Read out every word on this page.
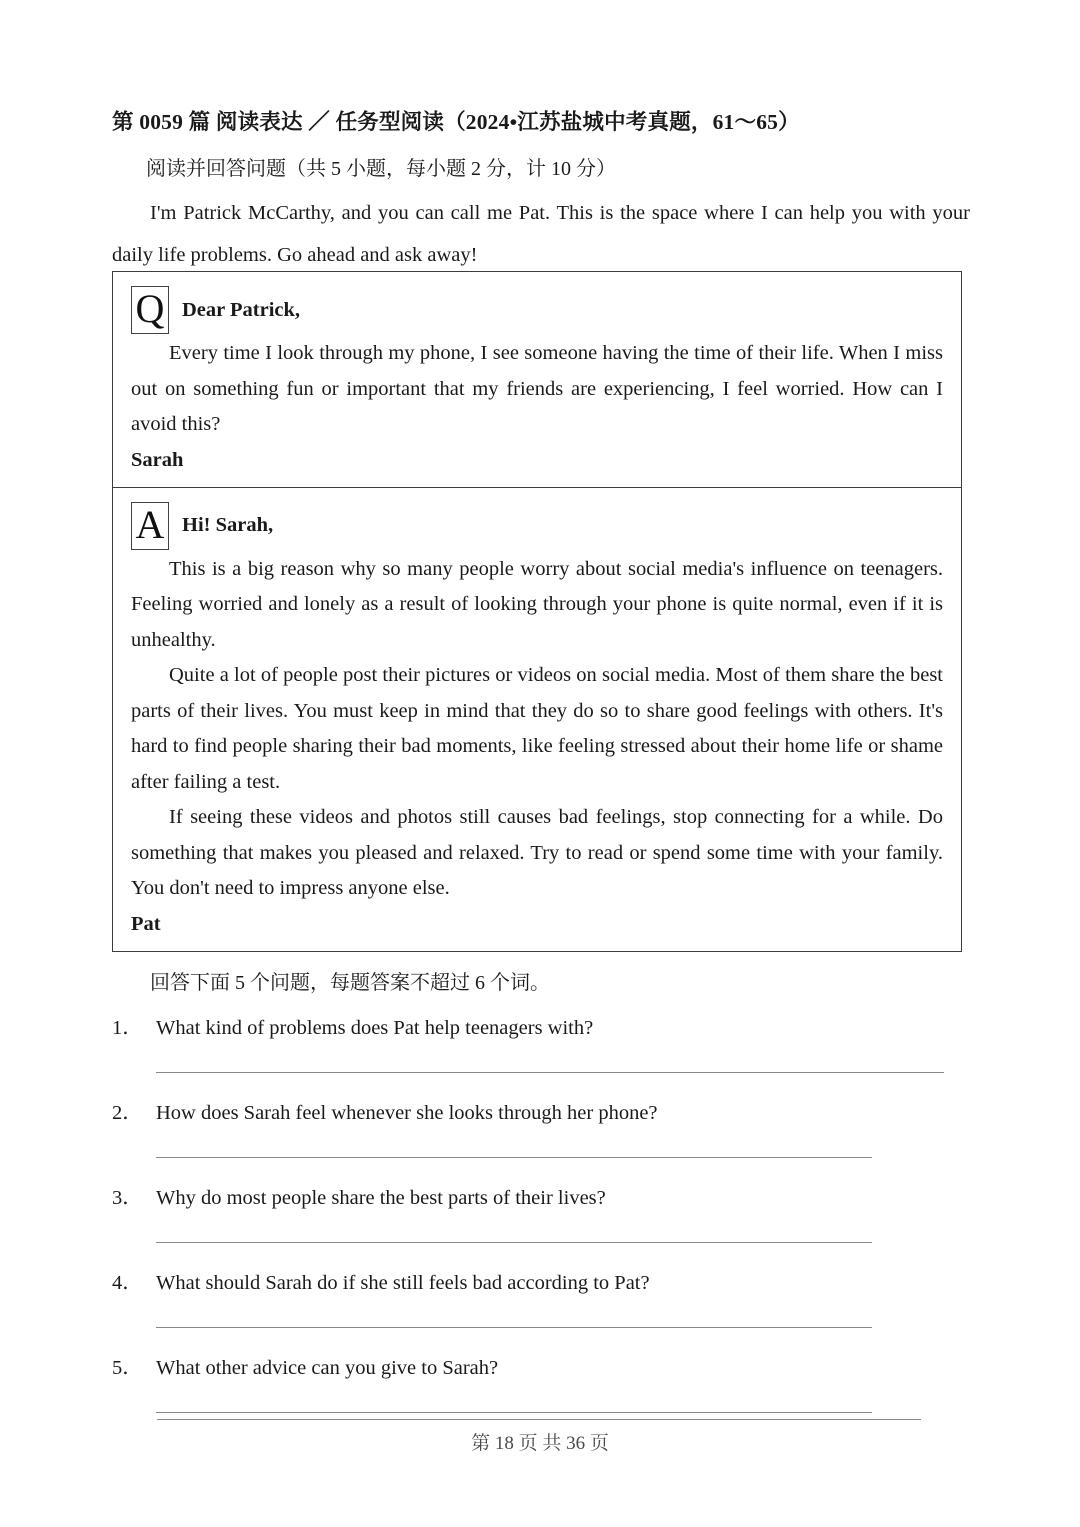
第 0059 篇 阅读表达 ／ 任务型阅读（2024•江苏盐城中考真题，61～65）
阅读并回答问题（共 5 小题，每小题 2 分，计 10 分）
I'm Patrick McCarthy, and you can call me Pat. This is the space where I can help you with your daily life problems. Go ahead and ask away!
Q Dear Patrick,

Every time I look through my phone, I see someone having the time of their life. When I miss out on something fun or important that my friends are experiencing, I feel worried. How can I avoid this?

Sarah
A Hi! Sarah,

This is a big reason why so many people worry about social media's influence on teenagers. Feeling worried and lonely as a result of looking through your phone is quite normal, even if it is unhealthy.

Quite a lot of people post their pictures or videos on social media. Most of them share the best parts of their lives. You must keep in mind that they do so to share good feelings with others. It's hard to find people sharing their bad moments, like feeling stressed about their home life or shame after failing a test.

If seeing these videos and photos still causes bad feelings, stop connecting for a while. Do something that makes you pleased and relaxed. Try to read or spend some time with your family. You don't need to impress anyone else.

Pat
回答下面 5 个问题，每题答案不超过 6 个词。
1． What kind of problems does Pat help teenagers with?
2． How does Sarah feel whenever she looks through her phone?
3． Why do most people share the best parts of their lives?
4． What should Sarah do if she still feels bad according to Pat?
5． What other advice can you give to Sarah?
第 18 页 共 36 页
